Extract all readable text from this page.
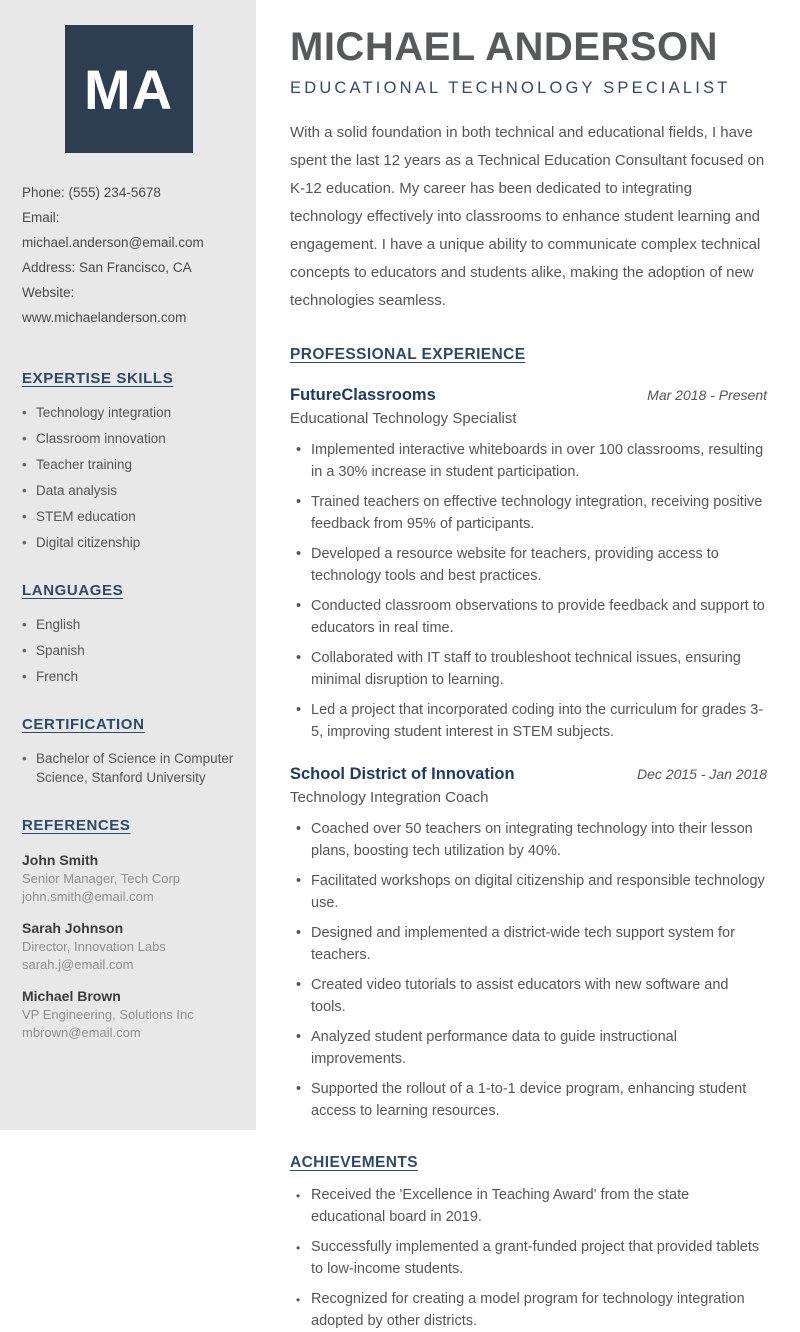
MA
Phone: (555) 234-5678
Email: michael.anderson@email.com
Address: San Francisco, CA
Website: www.michaelanderson.com
EXPERTISE SKILLS
• Technology integration
• Classroom innovation
• Teacher training
• Data analysis
• STEM education
• Digital citizenship
LANGUAGES
• English
• Spanish
• French
CERTIFICATION
• Bachelor of Science in Computer Science, Stanford University
REFERENCES
John Smith
Senior Manager, Tech Corp
john.smith@email.com
Sarah Johnson
Director, Innovation Labs
sarah.j@email.com
Michael Brown
VP Engineering, Solutions Inc
mbrown@email.com
MICHAEL ANDERSON
EDUCATIONAL TECHNOLOGY SPECIALIST

With a solid foundation in both technical and educational fields, I have spent the last 12 years as a Technical Education Consultant focused on K-12 education. My career has been dedicated to integrating technology effectively into classrooms to enhance student learning and engagement. I have a unique ability to communicate complex technical concepts to educators and students alike, making the adoption of new technologies seamless.

PROFESSIONAL EXPERIENCE
FutureClassrooms	Mar 2018 - Present
Educational Technology Specialist
• Implemented interactive whiteboards in over 100 classrooms, resulting in a 30% increase in student participation.
• Trained teachers on effective technology integration, receiving positive feedback from 95% of participants.
• Developed a resource website for teachers, providing access to technology tools and best practices.
• Conducted classroom observations to provide feedback and support to educators in real time.
• Collaborated with IT staff to troubleshoot technical issues, ensuring minimal disruption to learning.
• Led a project that incorporated coding into the curriculum for grades 3-5, improving student interest in STEM subjects.
School District of Innovation	Dec 2015 - Jan 2018
Technology Integration Coach
• Coached over 50 teachers on integrating technology into their lesson plans, boosting tech utilization by 40%.
• Facilitated workshops on digital citizenship and responsible technology use.
• Designed and implemented a district-wide tech support system for teachers.
• Created video tutorials to assist educators with new software and tools.
• Analyzed student performance data to guide instructional improvements.
• Supported the rollout of a 1-to-1 device program, enhancing student access to learning resources.
ACHIEVEMENTS
• Received the 'Excellence in Teaching Award' from the state educational board in 2019.
• Successfully implemented a grant-funded project that provided tablets to low-income students.
• Recognized for creating a model program for technology integration adopted by other districts.
